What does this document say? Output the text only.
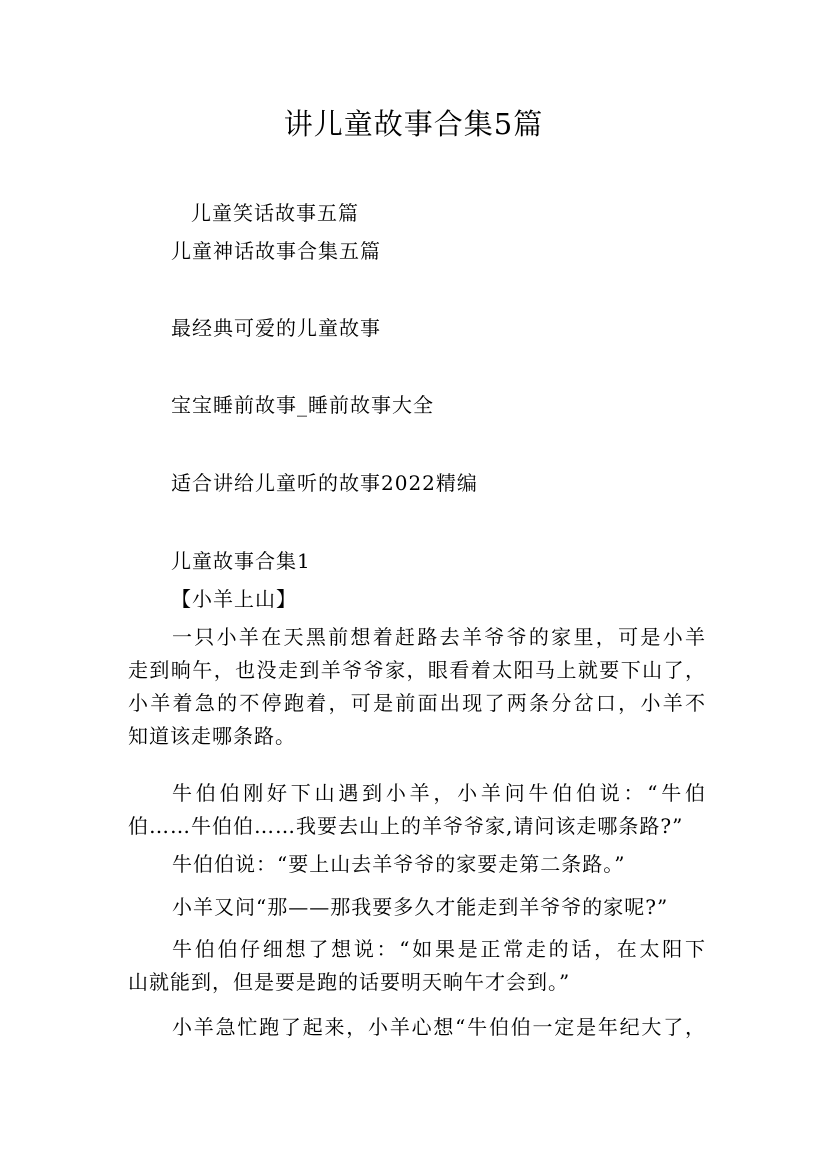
讲儿童故事合集5篇
儿童笑话故事五篇
儿童神话故事合集五篇
最经典可爱的儿童故事
宝宝睡前故事_睡前故事大全
适合讲给儿童听的故事2022精编
儿童故事合集1
【小羊上山】
一只小羊在天黑前想着赶路去羊爷爷的家里，可是小羊
走到晌午，也没走到羊爷爷家，眼看着太阳马上就要下山了，
小羊着急的不停跑着，可是前面出现了两条分岔口，小羊不
知道该走哪条路。
牛伯伯刚好下山遇到小羊，小羊问牛伯伯说：“牛伯
伯……牛伯伯……我要去山上的羊爷爷家,请问该走哪条路?”
牛伯伯说：“要上山去羊爷爷的家要走第二条路。”
小羊又问“那——那我要多久才能走到羊爷爷的家呢?”
牛伯伯仔细想了想说：“如果是正常走的话，在太阳下
山就能到，但是要是跑的话要明天晌午才会到。”
小羊急忙跑了起来，小羊心想“牛伯伯一定是年纪大了，
